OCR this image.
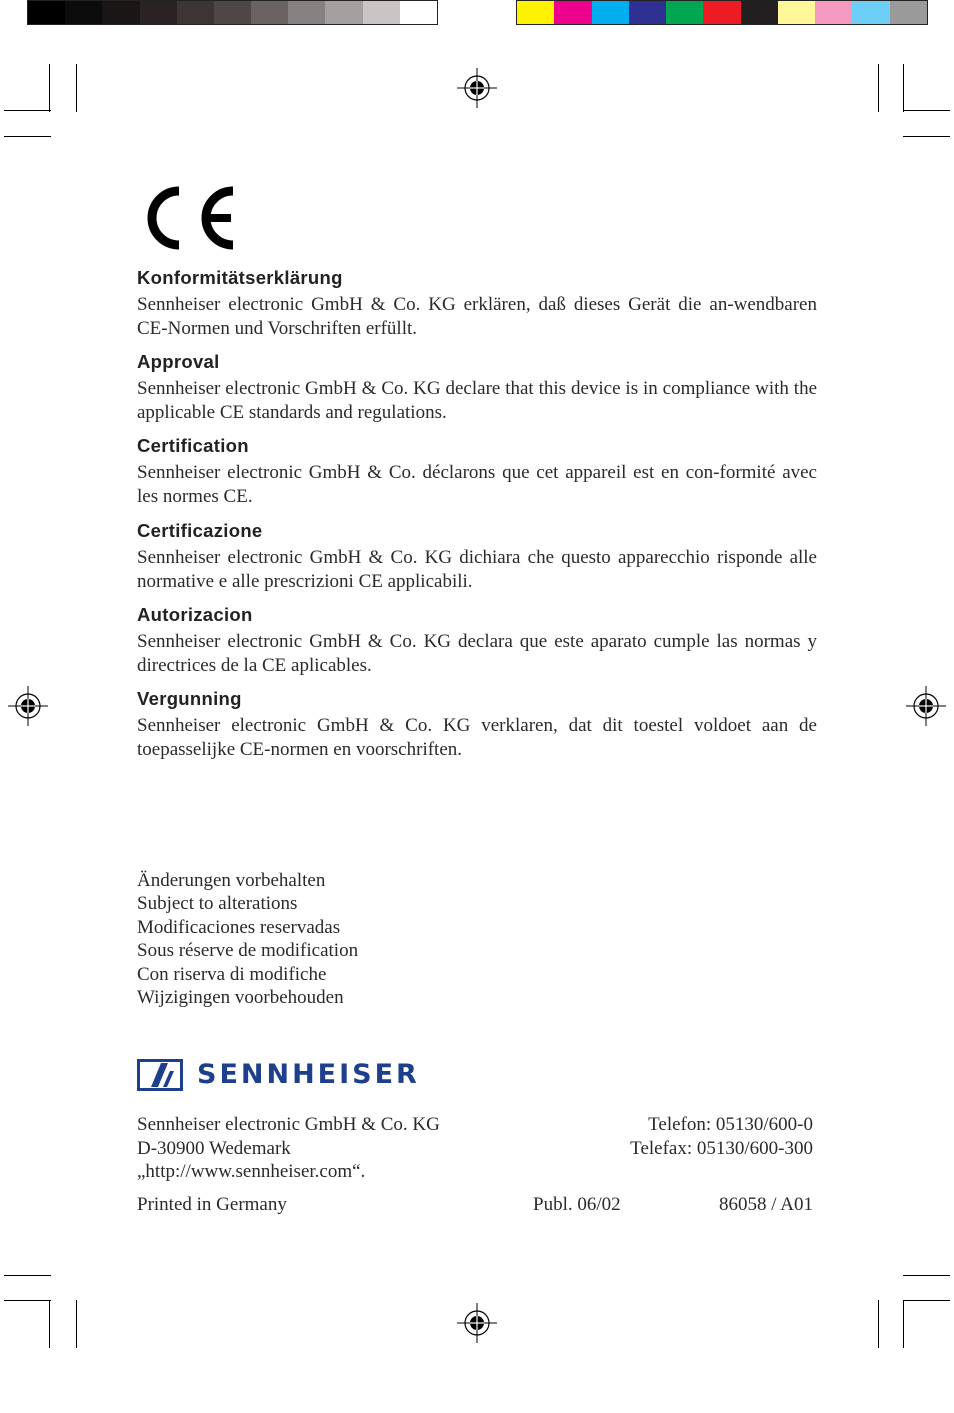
Konformitätserklärung

Sennheiser electronic GmbH & Co. KG erklären, daß dieses Gerät die an-wendbaren CE-Normen und Vorschriften erfüllt.

Approval

Sennheiser electronic GmbH & Co. KG declare that this device is in compliance with the applicable CE standards and regulations.

Certification

Sennheiser electronic GmbH & Co. déclarons que cet appareil est en con-formité avec les normes CE.

Certificazione

Sennheiser electronic GmbH & Co. KG dichiara che questo apparecchio risponde alle normative e alle prescrizioni CE applicabili.

Autorizacion

Sennheiser electronic GmbH & Co. KG declara que este aparato cumple las normas y directrices de la CE aplicables.

Vergunning

Sennheiser electronic GmbH & Co. KG verklaren, dat dit toestel voldoet aan de toepasselijke CE-normen en voorschriften.

Änderungen vorbehalten
Subject to alterations
Modificaciones reservadas
Sous réserve de modification
Con riserva di modifiche
Wijzigingen voorbehouden
SENNHEISER
Sennheiser electronic GmbH & Co. KG
D-30900 Wedemark
„http://www.sennheiser.com“.
Telefon: 05130/600-0
Telefax: 05130/600-300
Printed in Germany	Publ. 06/02	86058 / A01
